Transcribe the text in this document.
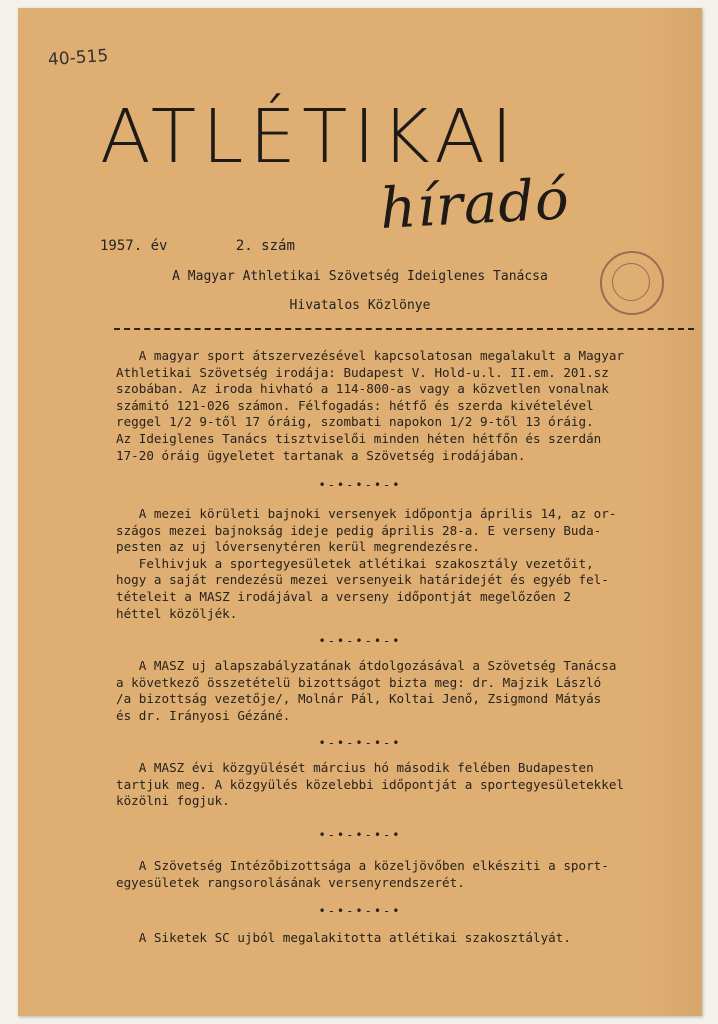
40-515
ATLÉTIKAI
híradó
1957. év	2. szám
A Magyar Athletikai Szövetség Ideiglenes Tanácsa
Hivatalos Közlönye
A magyar sport átszervezésével kapcsolatosan megalakult a Magyar
Athletikai Szövetség irodája: Budapest V. Hold-u.l. II.em. 201.sz
szobában. Az iroda hivható a 114-800-as vagy a közvetlen vonalnak
számitó 121-026 számon. Félfogadás: hétfő és szerda kivételével
reggel 1/2 9-től 17 óráig, szombati napokon 1/2 9-től 13 óráig.
Az Ideiglenes Tanács tisztviselői minden héten hétfőn és szerdán
17-20 óráig ügyeletet tartanak a Szövetség irodájában.
•-•-•-•-•
A mezei körületi bajnoki versenyek időpontja április 14, az or-
szágos mezei bajnokság ideje pedig április 28-a. E verseny Buda-
pesten az uj lóversenytéren kerül megrendezésre.
Felhivjuk a sportegyesületek atlétikai szakosztály vezetőit,
hogy a saját rendezésü mezei versenyeik határidejét és egyéb fel-
tételeit a MASZ irodájával a verseny időpontját megelőzően 2
héttel közöljék.
•-•-•-•-•
A MASZ uj alapszabályzatának átdolgozásával a Szövetség Tanácsa
a következő összetételü bizottságot bizta meg: dr. Majzik László
/a bizottság vezetője/, Molnár Pál, Koltai Jenő, Zsigmond Mátyás
és dr. Irányosi Gézáné.
•-•-•-•-•
A MASZ évi közgyülését március hó második felében Budapesten
tartjuk meg. A közgyülés közelebbi időpontját a sportegyesületekkel
közölni fogjuk.
•-•-•-•-•
A Szövetség Intézőbizottsága a közeljövőben elkésziti a sport-
egyesületek rangsorolásának versenyrendszerét.
•-•-•-•-•
A Siketek SC ujból megalakitotta atlétikai szakosztályát.
